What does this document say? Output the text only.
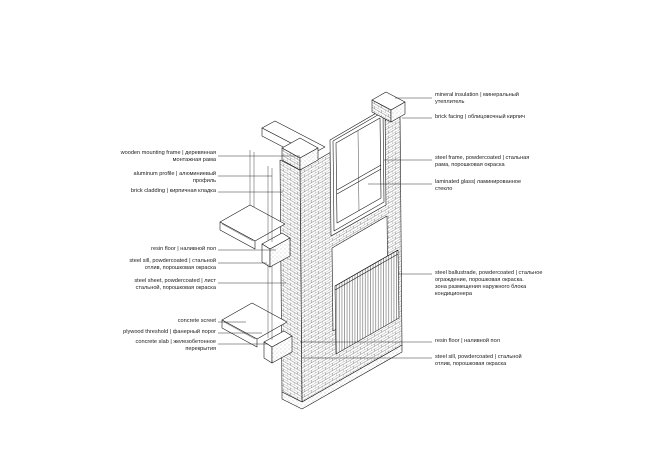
wooden mounting frame | деревянная
монтажная рама
aluminum profile | алюминиевый
профиль
brick cladding | кирпичная кладка
resin floor | наливной пол
steel sill, powdercoated | стальной
отлив, порошковая окраска
steel sheet, powdercoated | лист
стальной, порошковая окраска
concrete screet
plywood threshold | фанерный порог
concrete slab | железобетонное
перекрытия
mineral insulation | минеральный
утеплитель
brick facing | облицовочный кирпич
steel frame, powdercoated | стальная
рама, порошковая окраска
laminated glass| ламинированное
стекло
steel ballustrade, powdercoated | стальное
ограждение, порошковая окраска.
зона размещения наружного блока
кондиционера
resin floor | наливной пол
steel sill, powdercoated | стальной
отлив, порошковая окраска
